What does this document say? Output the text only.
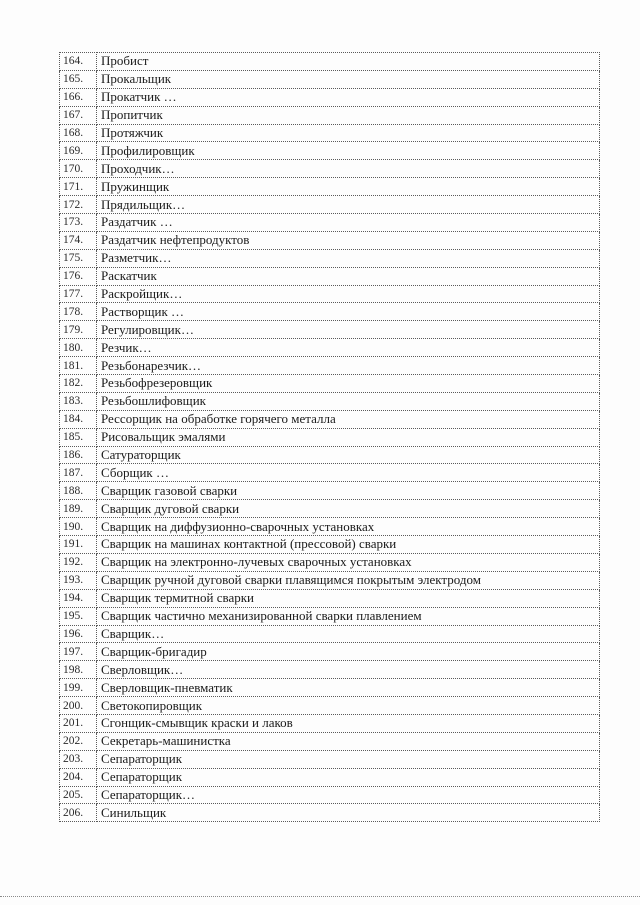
164.	Пробист
165.	Прокальщик
166.	Прокатчик …
167.	Пропитчик
168.	Протяжчик
169.	Профилировщик
170.	Проходчик…
171.	Пружинщик
172.	Прядильщик…
173.	Раздатчик …
174.	Раздатчик нефтепродуктов
175.	Разметчик…
176.	Раскатчик
177.	Раскройщик…
178.	Растворщик …
179.	Регулировщик…
180.	Резчик…
181.	Резьбонарезчик…
182.	Резьбофрезеровщик
183.	Резьбошлифовщик
184.	Рессорщик на обработке горячего металла
185.	Рисовальщик эмалями
186.	Сатураторщик
187.	Сборщик …
188.	Сварщик газовой сварки
189.	Сварщик дуговой сварки
190.	Сварщик на диффузионно-сварочных установках
191.	Сварщик на машинах контактной (прессовой) сварки
192.	Сварщик на электронно-лучевых сварочных установках
193.	Сварщик ручной дуговой сварки плавящимся покрытым электродом
194.	Сварщик термитной сварки
195.	Сварщик частично механизированной сварки плавлением
196.	Сварщик…
197.	Сварщик-бригадир
198.	Сверловщик…
199.	Сверловщик-пневматик
200.	Светокопировщик
201.	Сгонщик-смывщик краски и лаков
202.	Секретарь-машинистка
203.	Сепараторщик
204.	Сепараторщик
205.	Сепараторщик…
206.	Синильщик
